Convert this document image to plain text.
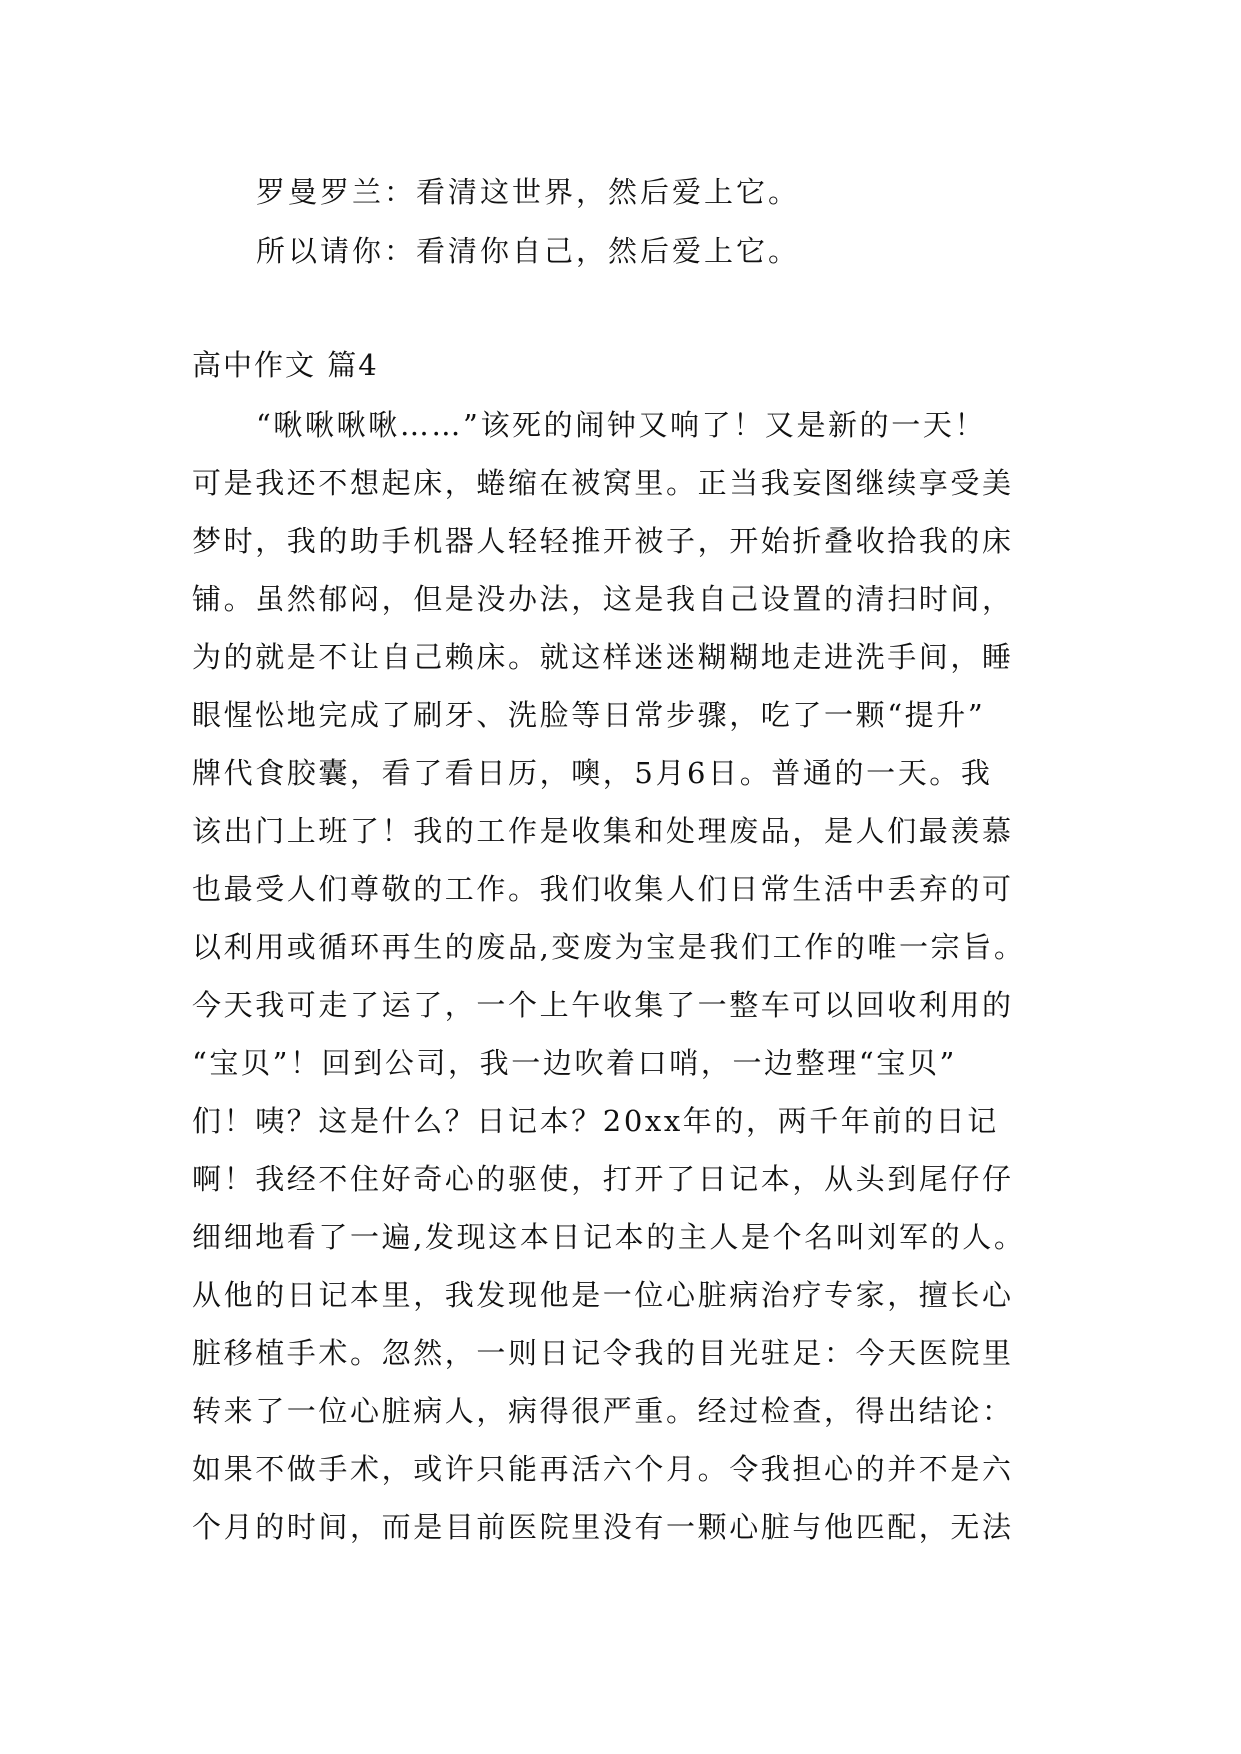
罗曼罗兰：看清这世界，然后爱上它。
所以请你：看清你自己，然后爱上它。
高中作文 篇4
“啾啾啾啾……”该死的闹钟又响了！又是新的一天！
可是我还不想起床，蜷缩在被窝里。正当我妄图继续享受美
梦时，我的助手机器人轻轻推开被子，开始折叠收拾我的床
铺。虽然郁闷，但是没办法，这是我自己设置的清扫时间，
为的就是不让自己赖床。就这样迷迷糊糊地走进洗手间，睡
眼惺忪地完成了刷牙、洗脸等日常步骤，吃了一颗“提升”
牌代食胶囊，看了看日历，噢，5月6日。普通的一天。我
该出门上班了！我的工作是收集和处理废品，是人们最羡慕
也最受人们尊敬的工作。我们收集人们日常生活中丢弃的可
以利用或循环再生的废品,变废为宝是我们工作的唯一宗旨。
今天我可走了运了，一个上午收集了一整车可以回收利用的
“宝贝”！回到公司，我一边吹着口哨，一边整理“宝贝”
们！咦？这是什么？日记本？20xx年的，两千年前的日记
啊！我经不住好奇心的驱使，打开了日记本，从头到尾仔仔
细细地看了一遍,发现这本日记本的主人是个名叫刘军的人。
从他的日记本里，我发现他是一位心脏病治疗专家，擅长心
脏移植手术。忽然，一则日记令我的目光驻足：今天医院里
转来了一位心脏病人，病得很严重。经过检查，得出结论：
如果不做手术，或许只能再活六个月。令我担心的并不是六
个月的时间，而是目前医院里没有一颗心脏与他匹配，无法
